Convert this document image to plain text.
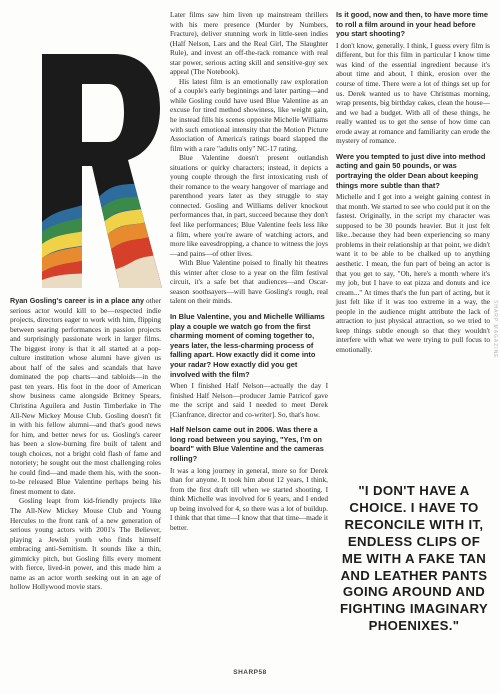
Ryan Gosling's career is in a place any other serious actor would kill to be—respected indie projects, directors eager to work with him, flipping between searing performances in passion projects and surprisingly passionate work in larger films. The biggest irony is that it all started at a pop-culture institution whose alumni have given us about half of the sales and scandals that have dominated the pop charts—and tabloids—in the past ten years. His foot in the door of American show business came alongside Britney Spears, Christina Aguilera and Justin Timberlake in The All-New Mickey Mouse Club. Gosling doesn't fit in with his fellow alumni—and that's good news for him, and better news for us. Gosling's career has been a slow-burning fire built of talent and tough choices, not a bright cold flash of fame and notoriety; he sought out the most challenging roles he could find—and made them his, with the soon-to-be released Blue Valentine perhaps being his finest moment to date.

Gosling leapt from kid-friendly projects like The All-New Mickey Mouse Club and Young Hercules to the front rank of a new generation of serious young actors with 2001's The Believer, playing a Jewish youth who finds himself embracing anti-Semitism. It sounds like a thin, gimmicky pitch, but Gosling fills every moment with fierce, lived-in power, and this made him a name as an actor worth seeking out in an age of hollow Hollywood movie stars.

Later films saw him liven up mainstream thrillers with his mere presence (Murder by Numbers, Fracture), deliver stunning work in little-seen indies (Half Nelson, Lars and the Real Girl, The Slaughter Rule), and invest an off-the-rack romance with real star power, serious acting skill and sensitive-guy sex appeal (The Notebook).

His latest film is an emotionally raw exploration of a couple's early beginnings and later parting—and while Gosling could have used Blue Valentine as an excuse for tired method showiness, like weight gain, he instead fills his scenes opposite Michelle Williams with such emotional intensity that the Motion Picture Association of America's ratings board slapped the film with a rare "adults only" NC-17 rating.

Blue Valentine doesn't present outlandish situations or quirky characters; instead, it depicts a young couple through the first intoxicating rush of their romance to the weary hangover of marriage and parenthood years later as they struggle to stay connected. Gosling and Williams deliver knockout performances that, in part, succeed because they don't feel like performances; Blue Valentine feels less like a film, where you're aware of watching actors, and more like eavesdropping, a chance to witness the joys—and pains—of other lives.

With Blue Valentine poised to finally hit theatres this winter after close to a year on the film festival circuit, it's a safe bet that audiences—and Oscar-season soothsayers—will have Gosling's rough, real talent on their minds.

In Blue Valentine, you and Michelle Williams play a couple we watch go from the first charming moment of coming together to, years later, the less-charming process of falling apart. How exactly did it come into your radar? How exactly did you get involved with the film?

When I finished Half Nelson—actually the day I finished Half Nelson—producer Jamie Patricof gave me the script and said I needed to meet Derek [Cianfrance, director and co-writer]. So, that's how.

Half Nelson came out in 2006. Was there a long road between you saying, "Yes, I'm on board" with Blue Valentine and the cameras rolling?

It was a long journey in general, more so for Derek than for anyone. It took him about 12 years, I think, from the first draft till when we started shooting. I think Michelle was involved for 6 years, and I ended up being involved for 4, so there was a lot of buildup. I think that that time—I know that that time—made it better.

Is it good, now and then, to have more time to roll a film around in your head before you start shooting?

I don't know, generally. I think, I guess every film is different, but for this film in particular I know time was kind of the essential ingredient because it's about time and about, I think, erosion over the course of time. There were a lot of things set up for us. Derek wanted us to have Christmas morning, wrap presents, big birthday cakes, clean the house—and we had a budget. With all of these things, he really wanted us to get the sense of how time can erode away at romance and familiarity can erode the mystery of romance.

Were you tempted to just dive into method acting and gain 50 pounds, or was portraying the older Dean about keeping things more subtle than that?

Michelle and I got into a weight gaining contest in that month. We started to see who could put it on the fastest. Originally, in the script my character was supposed to be 30 pounds heavier. But it just felt like...because they had been experiencing so many problems in their relationship at that point, we didn't want it to be able to be chalked up to anything aesthetic. I mean, the fun part of being an actor is that you get to say, "Oh, here's a month where it's my job, but I have to eat pizza and donuts and ice cream..." At times that's the fun part of acting, but it just felt like if it was too extreme in a way, the people in the audience might attribute the lack of attraction to just physical attraction, so we tried to keep things subtle enough so that they wouldn't interfere with what we were trying to pull focus to emotionally.

"I DON'T HAVE A CHOICE. I HAVE TO RECONCILE WITH IT, ENDLESS CLIPS OF ME WITH A FAKE TAN AND LEATHER PANTS GOING AROUND AND FIGHTING IMAGINARY PHOENIXES."
SHARP MAGAZINE
SHARP58
